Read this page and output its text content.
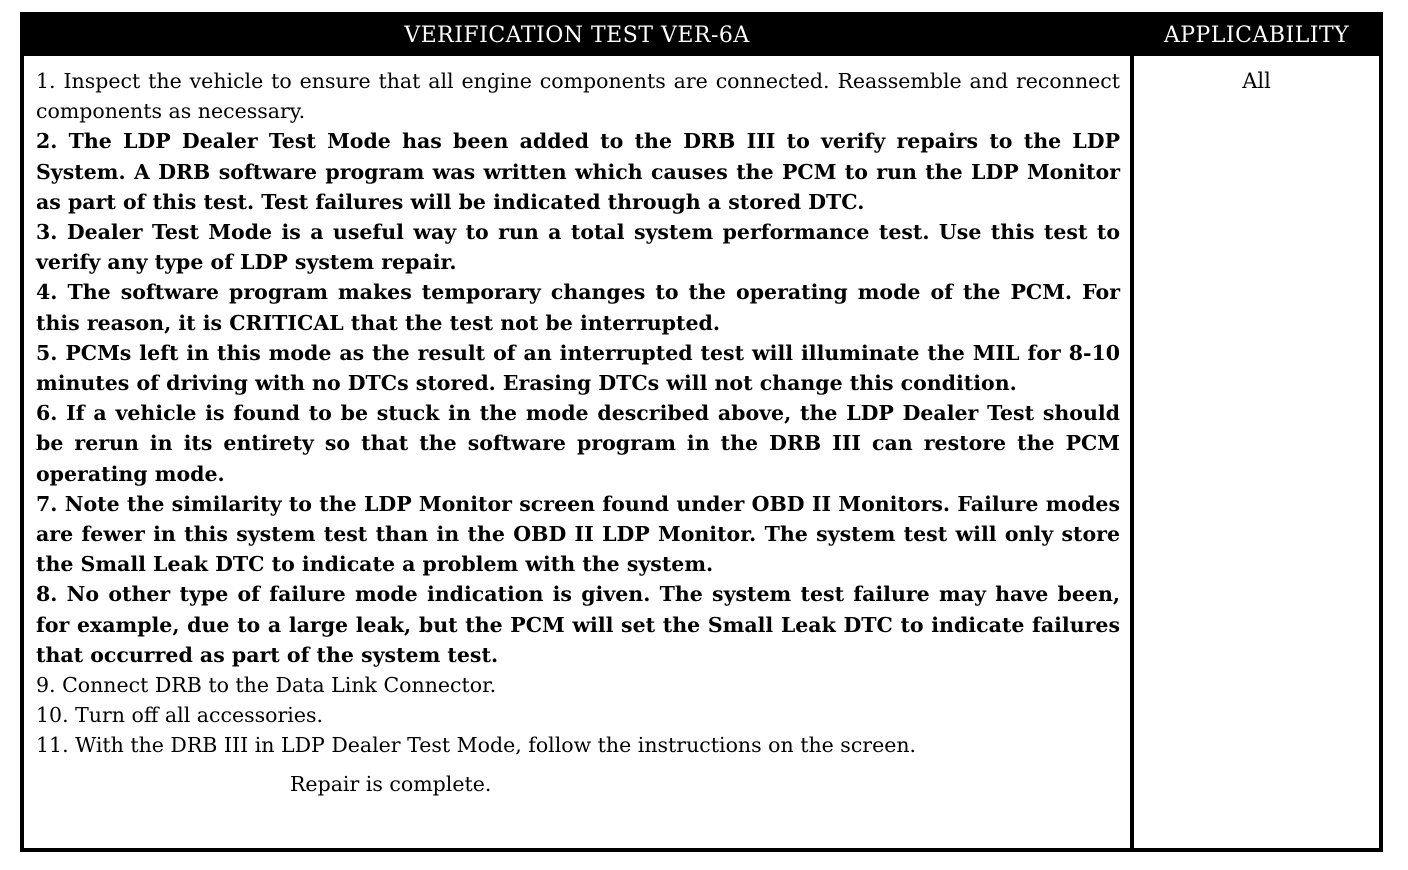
VERIFICATION TEST VER-6A	APPLICABILITY
1. Inspect the vehicle to ensure that all engine components are connected. Reassemble and reconnect components as necessary.
2. The LDP Dealer Test Mode has been added to the DRB III to verify repairs to the LDP System. A DRB software program was written which causes the PCM to run the LDP Monitor as part of this test. Test failures will be indicated through a stored DTC.
3. Dealer Test Mode is a useful way to run a total system performance test. Use this test to verify any type of LDP system repair.
4. The software program makes temporary changes to the operating mode of the PCM. For this reason, it is CRITICAL that the test not be interrupted.
5. PCMs left in this mode as the result of an interrupted test will illuminate the MIL for 8-10 minutes of driving with no DTCs stored. Erasing DTCs will not change this condition.
6. If a vehicle is found to be stuck in the mode described above, the LDP Dealer Test should be rerun in its entirety so that the software program in the DRB III can restore the PCM operating mode.
7. Note the similarity to the LDP Monitor screen found under OBD II Monitors. Failure modes are fewer in this system test than in the OBD II LDP Monitor. The system test will only store the Small Leak DTC to indicate a problem with the system.
8. No other type of failure mode indication is given. The system test failure may have been, for example, due to a large leak, but the PCM will set the Small Leak DTC to indicate failures that occurred as part of the system test.
9. Connect DRB to the Data Link Connector.
10. Turn off all accessories.
11. With the DRB III in LDP Dealer Test Mode, follow the instructions on the screen.
Repair is complete.
All
